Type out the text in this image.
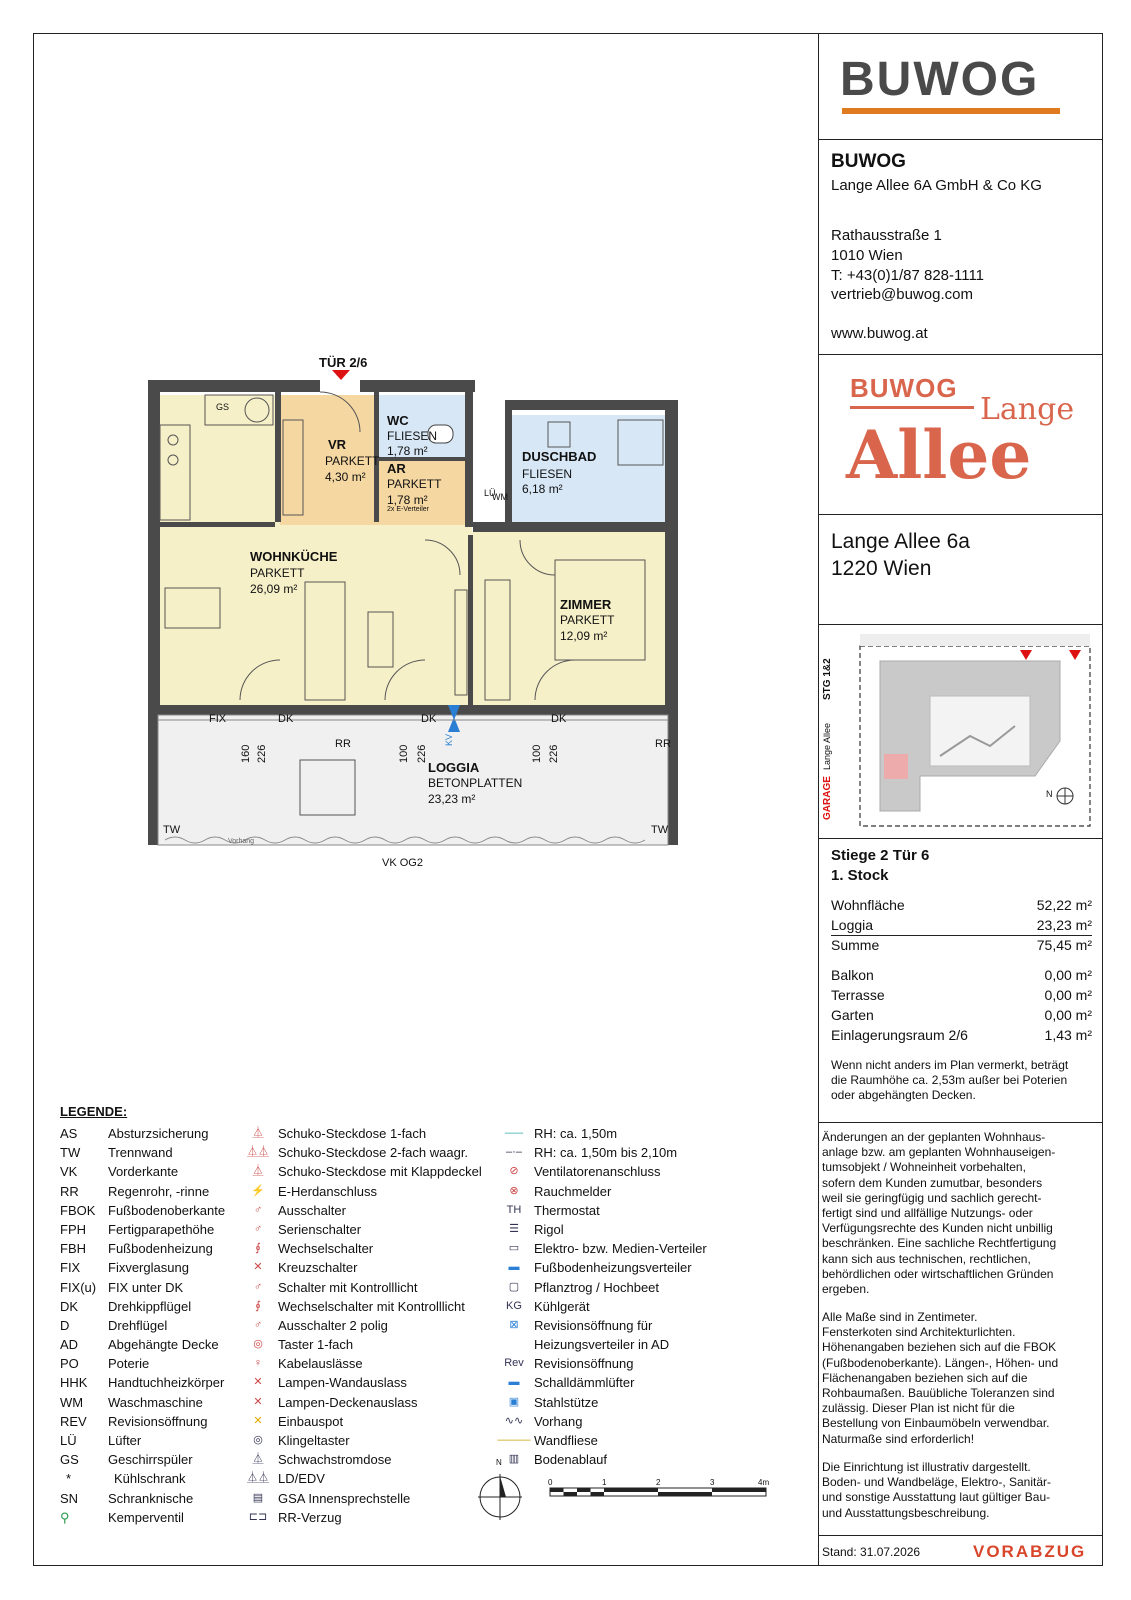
BUWOG
BUWOG
Lange Allee 6A GmbH & Co KG
Rathausstraße 1
1010 Wien
T: +43(0)1/87 828-1111
vertrieb@buwog.com
www.buwog.at
BUWOG
Lange
Allee
Lange Allee 6a
1220 Wien
STG 1&2
Lange Allee
GARAGE	N
Stiege 2 Tür 6
1. Stock
Wohnfläche	52,22 m²
Loggia	23,23 m²
Summe	75,45 m²
Balkon	0,00 m²
Terrasse	0,00 m²
Garten	0,00 m²
Einlagerungsraum 2/6	1,43 m²
Wenn nicht anders im Plan vermerkt, beträgt
die Raumhöhe ca. 2,53m außer bei Poterien
oder abgehängten Decken.
Änderungen an der geplanten Wohnhaus-
anlage bzw. am geplanten Wohnhauseigen-
tumsobjekt / Wohneinheit vorbehalten,
sofern dem Kunden zumutbar, besonders
weil sie geringfügig und sachlich gerecht-
fertigt sind und allfällige Nutzungs- oder
Verfügungsrechte des Kunden nicht unbillig
beschränken. Eine sachliche Rechtfertigung
kann sich aus technischen, rechtlichen,
behördlichen oder wirtschaftlichen Gründen
ergeben.
Alle Maße sind in Zentimeter.
Fensterkoten sind Architekturlichten.
Höhenangaben beziehen sich auf die FBOK
(Fußbodenoberkante). Längen-, Höhen- und
Flächenangaben beziehen sich auf die
Rohbaumaßen. Bauübliche Toleranzen sind
zulässig. Dieser Plan ist nicht für die
Bestellung von Einbaumöbeln verwendbar.
Naturmaße sind erforderlich!
Die Einrichtung ist illustrativ dargestellt.
Boden- und Wandbeläge, Elektro-, Sanitär-
und sonstige Ausstattung laut gültiger Bau-
und Ausstattungsbeschreibung.
Stand: 31.07.2026	VORABZUG
TÜR 2/6
WC
FLIESEN
1,78 m²
VR
PARKETT
4,30 m²
AR
PARKETT
1,78 m²
2x E-Verteiler
DUSCHBAD
FLIESEN
6,18 m²
WOHNKÜCHE
PARKETT
26,09 m²
ZIMMER
PARKETT
12,09 m²
LOGGIA
BETONPLATTEN
23,23 m²
GS
WM
LÜ
FIX	DK	DK	DK
RR	RR
TW	TW
Vorhang
VK OG2
160 226	100 226	100 226
KV
LEGENDE:
AS	Absturzsicherung
TW	Trennwand
VK	Vorderkante
RR	Regenrohr, -rinne
FBOK Fußbodenoberkante
FPH	Fertigparapethöhe
FBH	Fußbodenheizung
FIX	Fixverglasung
FIX(u) FIX unter DK
DK	Drehkippflügel
D	Drehflügel
AD	Abgehängte Decke
PO	Poterie
HHK	Handtuchheizkörper
WM	Waschmaschine
REV	Revisionsöffnung
LÜ	Lüfter
GS	Geschirrspüler
*	Kühlschrank
SN	Schranknische
⚲	Kemperventil
⏅	Schuko-Steckdose 1-fach
⏅⏅ Schuko-Steckdose 2-fach waagr.
⏅	Schuko-Steckdose mit Klappdeckel
⚡	E-Herdanschluss
♂	Ausschalter
♂	Serienschalter
∮	Wechselschalter
✕	Kreuzschalter
♂	Schalter mit Kontrolllicht
∮	Wechselschalter mit Kontrolllicht
♂	Ausschalter 2 polig
◎	Taster 1-fach
♀	Kabelauslässe
✕	Lampen-Wandauslass
✕	Lampen-Deckenauslass
✕	Einbauspot
◎	Klingeltaster
⏅	Schwachstromdose
⏅⏅ LD/EDV
▤	GSA Innensprechstelle
⊏⊐ RR-Verzug
‒‒‒ RH: ca. 1,50m
‒·‒ RH: ca. 1,50m bis 2,10m
⊘	Ventilatorenanschluss
⊗	Rauchmelder
TH Thermostat
☰	Rigol
▭	Elektro- bzw. Medien-Verteiler
▬	Fußbodenheizungsverteiler
▢	Pflanztrog / Hochbeet
KG Kühlgerät
⊠	Revisionsöffnung für
Heizungsverteiler in AD
Rev Revisionsöffnung
▬	Schalldämmlüfter
▣	Stahlstütze
∿∿ Vorhang
——— Wandfliese
▥	Bodenablauf
N
0	1	2	3	4m
